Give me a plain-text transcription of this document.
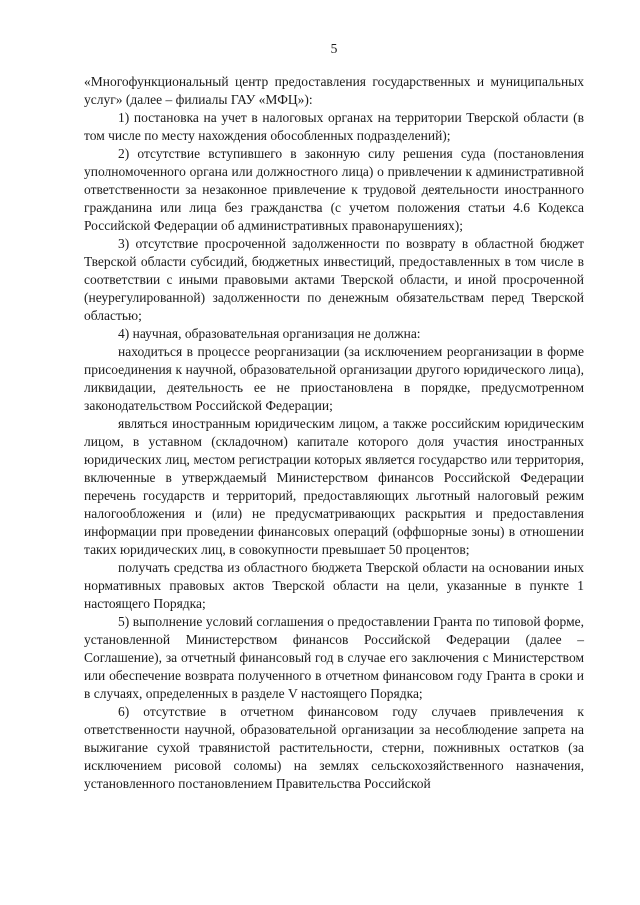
5

«Многофункциональный центр предоставления государственных и муниципальных услуг» (далее – филиалы ГАУ «МФЦ»):

1) постановка на учет в налоговых органах на территории Тверской области (в том числе по месту нахождения обособленных подразделений);

2) отсутствие вступившего в законную силу решения суда (постановления уполномоченного органа или должностного лица) о привлечении к административной ответственности за незаконное привлечение к трудовой деятельности иностранного гражданина или лица без гражданства (с учетом положения статьи 4.6 Кодекса Российской Федерации об административных правонарушениях);

3) отсутствие просроченной задолженности по возврату в областной бюджет Тверской области субсидий, бюджетных инвестиций, предоставленных в том числе в соответствии с иными правовыми актами Тверской области, и иной просроченной (неурегулированной) задолженности по денежным обязательствам перед Тверской областью;

4) научная, образовательная организация не должна:

находиться в процессе реорганизации (за исключением реорганизации в форме присоединения к научной, образовательной организации другого юридического лица), ликвидации, деятельность ее не приостановлена в порядке, предусмотренном законодательством Российской Федерации;

являться иностранным юридическим лицом, а также российским юридическим лицом, в уставном (складочном) капитале которого доля участия иностранных юридических лиц, местом регистрации которых является государство или территория, включенные в утверждаемый Министерством финансов Российской Федерации перечень государств и территорий, предоставляющих льготный налоговый режим налогообложения и (или) не предусматривающих раскрытия и предоставления информации при проведении финансовых операций (оффшорные зоны) в отношении таких юридических лиц, в совокупности превышает 50 процентов;

получать средства из областного бюджета Тверской области на основании иных нормативных правовых актов Тверской области на цели, указанные в пункте 1 настоящего Порядка;

5) выполнение условий соглашения о предоставлении Гранта по типовой форме, установленной Министерством финансов Российской Федерации (далее – Соглашение), за отчетный финансовый год в случае его заключения с Министерством или обеспечение возврата полученного в отчетном финансовом году Гранта в сроки и в случаях, определенных в разделе V настоящего Порядка;

6) отсутствие в отчетном финансовом году случаев привлечения к ответственности научной, образовательной организации за несоблюдение запрета на выжигание сухой травянистой растительности, стерни, пожнивных остатков (за исключением рисовой соломы) на землях сельскохозяйственного назначения, установленного постановлением Правительства Российской
